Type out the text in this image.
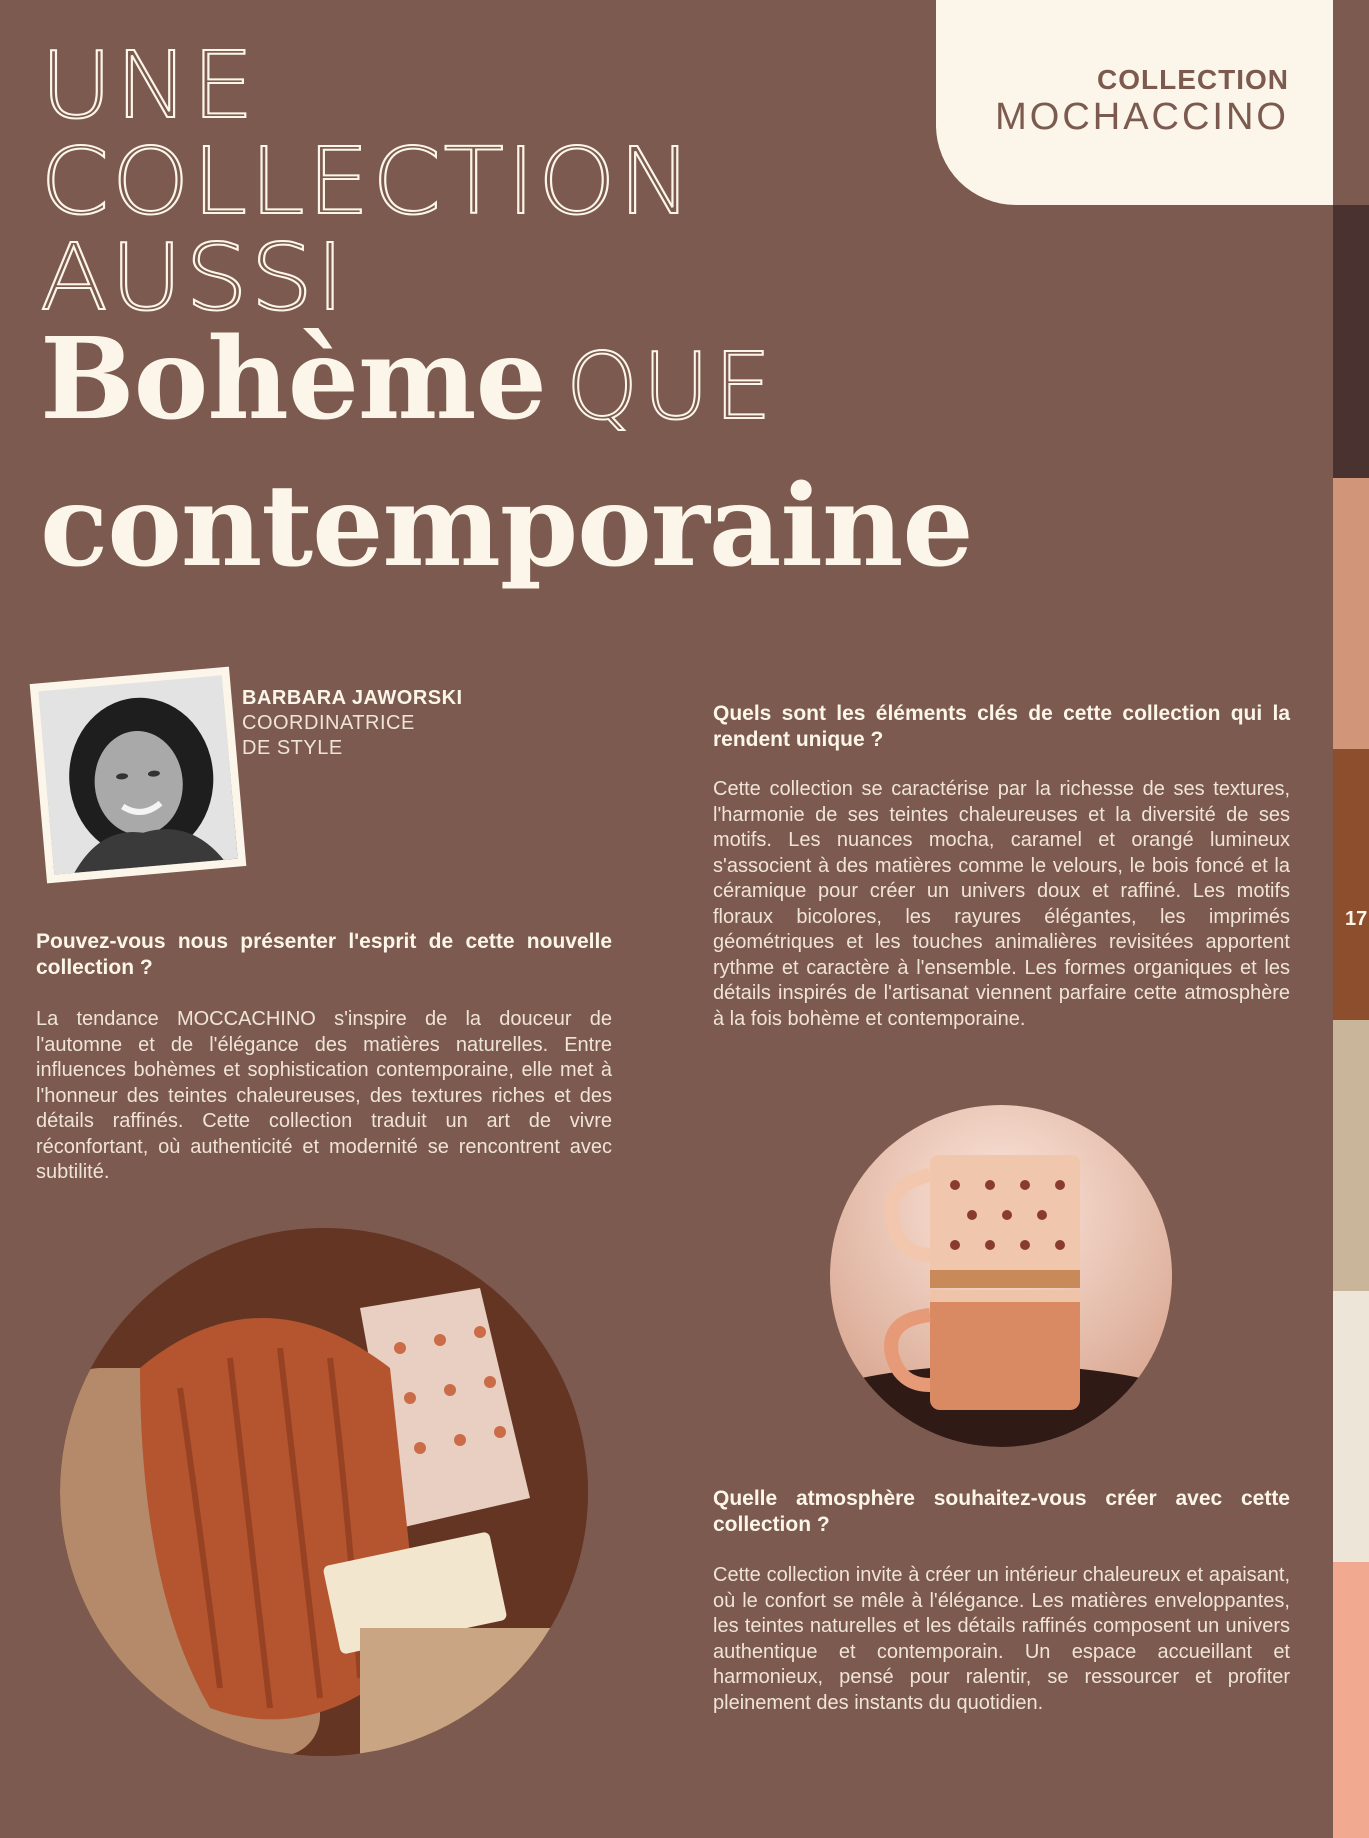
UNE
COLLECTION
AUSSI
Bohème QUE
contemporaine
COLLECTION
MOCHACCINO
17
BARBARA JAWORSKI
COORDINATRICE
DE STYLE
Pouvez-vous nous présenter l'esprit de cette nouvelle collection ?

La tendance MOCCACHINO s'inspire de la douceur de l'automne et de l'élégance des matières naturelles. Entre influences bohèmes et sophistication contemporaine, elle met à l'honneur des teintes chaleureuses, des textures riches et des détails raffinés. Cette collection traduit un art de vivre réconfortant, où authenticité et modernité se rencontrent avec subtilité.

Quels sont les éléments clés de cette collection qui la rendent unique ?

Cette collection se caractérise par la richesse de ses textures, l'harmonie de ses teintes chaleureuses et la diversité de ses motifs. Les nuances mocha, caramel et orangé lumineux s'associent à des matières comme le velours, le bois foncé et la céramique pour créer un univers doux et raffiné. Les motifs floraux bicolores, les rayures élégantes, les imprimés géométriques et les touches animalières revisitées apportent rythme et caractère à l'ensemble. Les formes organiques et les détails inspirés de l'artisanat viennent parfaire cette atmosphère à la fois bohème et contemporaine.

Quelle atmosphère souhaitez-vous créer avec cette collection ?

Cette collection invite à créer un intérieur chaleureux et apaisant, où le confort se mêle à l'élégance. Les matières enveloppantes, les teintes naturelles et les détails raffinés composent un univers authentique et contemporain. Un espace accueillant et harmonieux, pensé pour ralentir, se ressourcer et profiter pleinement des instants du quotidien.
